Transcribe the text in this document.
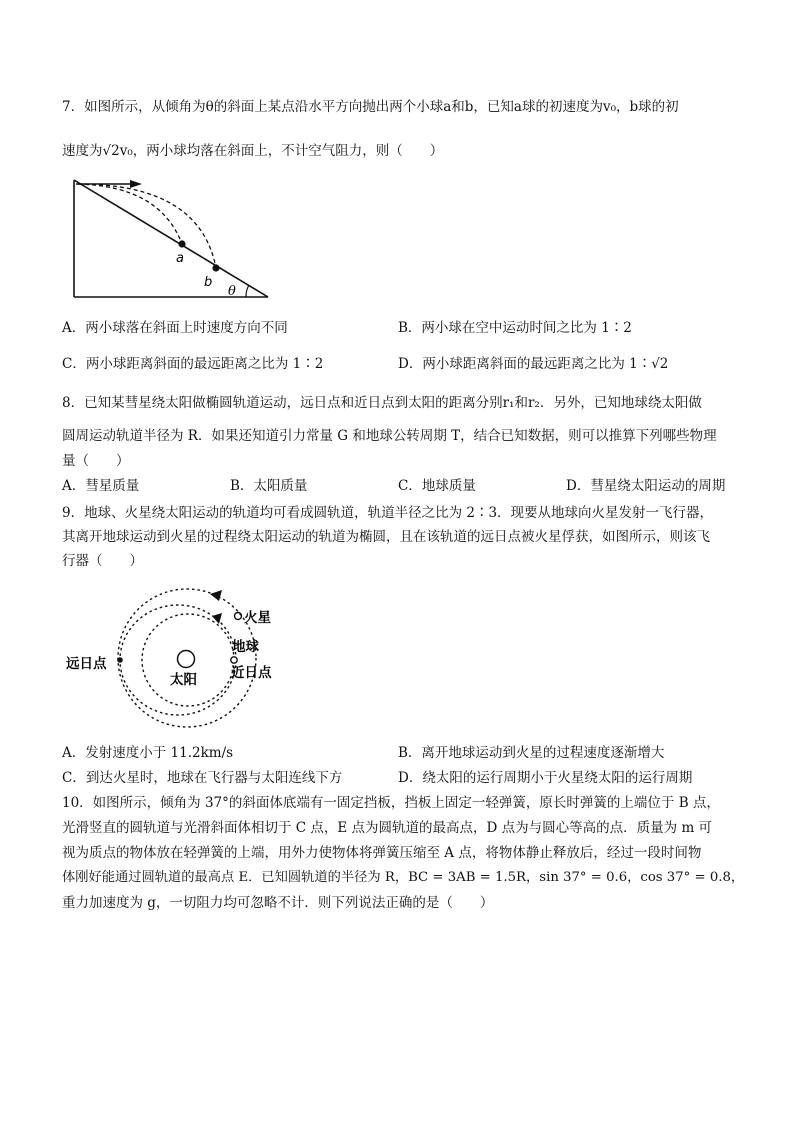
7．如图所示，从倾角为θ的斜面上某点沿水平方向抛出两个小球a和b，已知a球的初速度为v₀，b球的初
速度为√2v₀，两小球均落在斜面上，不计空气阻力，则（　　）
a
b
θ
A．两小球落在斜面上时速度方向不同	B．两小球在空中运动时间之比为 1∶2
C．两小球距离斜面的最远距离之比为 1∶2	D．两小球距离斜面的最远距离之比为 1∶√2
8．已知某彗星绕太阳做椭圆轨道运动，远日点和近日点到太阳的距离分别r₁和r₂．另外，已知地球绕太阳做
圆周运动轨道半径为 R．如果还知道引力常量 G 和地球公转周期 T，结合已知数据，则可以推算下列哪些物理
量（　　）
A．彗星质量	B．太阳质量	C．地球质量	D．彗星绕太阳运动的周期
9．地球、火星绕太阳运动的轨道均可看成圆轨道，轨道半径之比为 2∶3．现要从地球向火星发射一飞行器，
其离开地球运动到火星的过程绕太阳运动的轨道为椭圆，且在该轨道的远日点被火星俘获，如图所示，则该飞
行器（　　）
火星
地球
太阳
远日点
近日点
A．发射速度小于 11.2km/s	B．离开地球运动到火星的过程速度逐渐增大
C．到达火星时，地球在飞行器与太阳连线下方	D．绕太阳的运行周期小于火星绕太阳的运行周期
10．如图所示，倾角为 37°的斜面体底端有一固定挡板，挡板上固定一轻弹簧，原长时弹簧的上端位于 B 点，
光滑竖直的圆轨道与光滑斜面体相切于 C 点，E 点为圆轨道的最高点，D 点为与圆心等高的点．质量为 m 可
视为质点的物体放在轻弹簧的上端，用外力使物体将弹簧压缩至 A 点，将物体静止释放后，经过一段时间物
体刚好能通过圆轨道的最高点 E．已知圆轨道的半径为 R，BC = 3AB = 1.5R，sin 37° = 0.6，cos 37° = 0.8，
重力加速度为 g，一切阻力均可忽略不计．则下列说法正确的是（　　）
